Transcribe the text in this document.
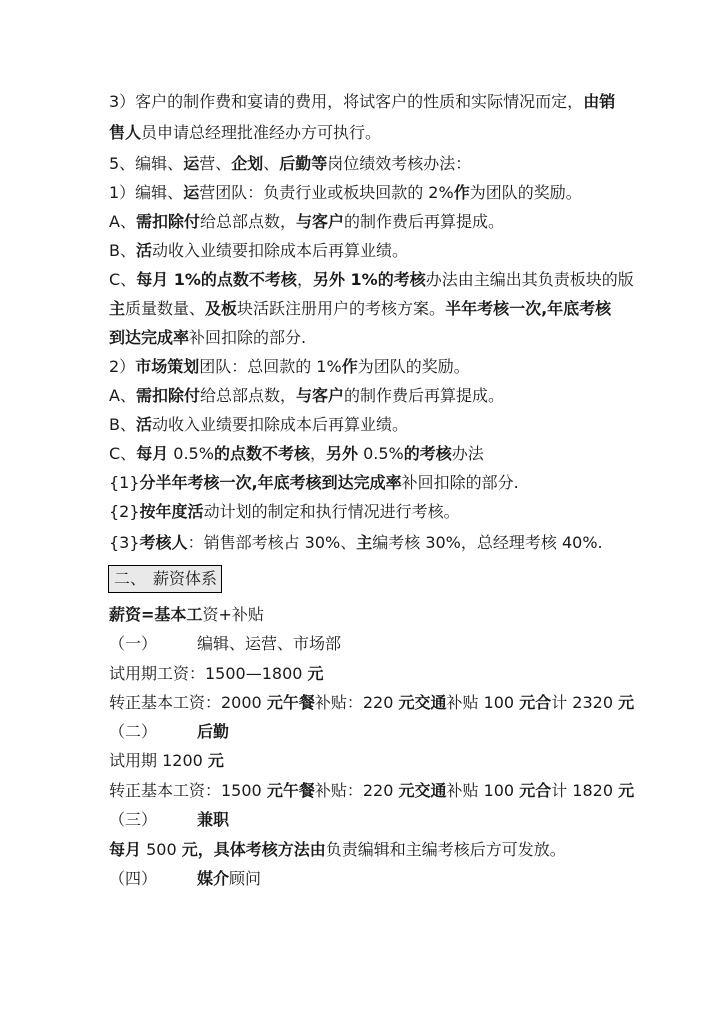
3）客户的制作费和宴请的费用，将试客户的性质和实际情况而定，由销
售人员申请总经理批准经办方可执行。
5、编辑、运营、企划、后勤等岗位绩效考核办法：
1）编辑、运营团队：负责行业或板块回款的 2%作为团队的奖励。
A、需扣除付给总部点数，与客户的制作费后再算提成。
B、活动收入业绩要扣除成本后再算业绩。
C、每月 1%的点数不考核，另外 1%的考核办法由主编出其负责板块的版
主质量数量、及板块活跃注册用户的考核方案。半年考核一次,年底考核
到达完成率补回扣除的部分.
2）市场策划团队：总回款的 1%作为团队的奖励。
A、需扣除付给总部点数，与客户的制作费后再算提成。
B、活动收入业绩要扣除成本后再算业绩。
C、每月 0.5%的点数不考核，另外 0.5%的考核办法
{1}分半年考核一次,年底考核到达完成率补回扣除的部分.
{2}按年度活动计划的制定和执行情况进行考核。
{3}考核人：销售部考核占 30%、主编考核 30%，总经理考核 40%.
二、 薪资体系
薪资=基本工资+补贴
（一） 编辑、运营、市场部
试用期工资：1500—1800 元
转正基本工资：2000 元午餐补贴：220 元交通补贴 100 元合计 2320 元
（二） 后勤
试用期 1200 元
转正基本工资：1500 元午餐补贴：220 元交通补贴 100 元合计 1820 元
（三） 兼职
每月 500 元，具体考核方法由负责编辑和主编考核后方可发放。
（四） 媒介顾问
